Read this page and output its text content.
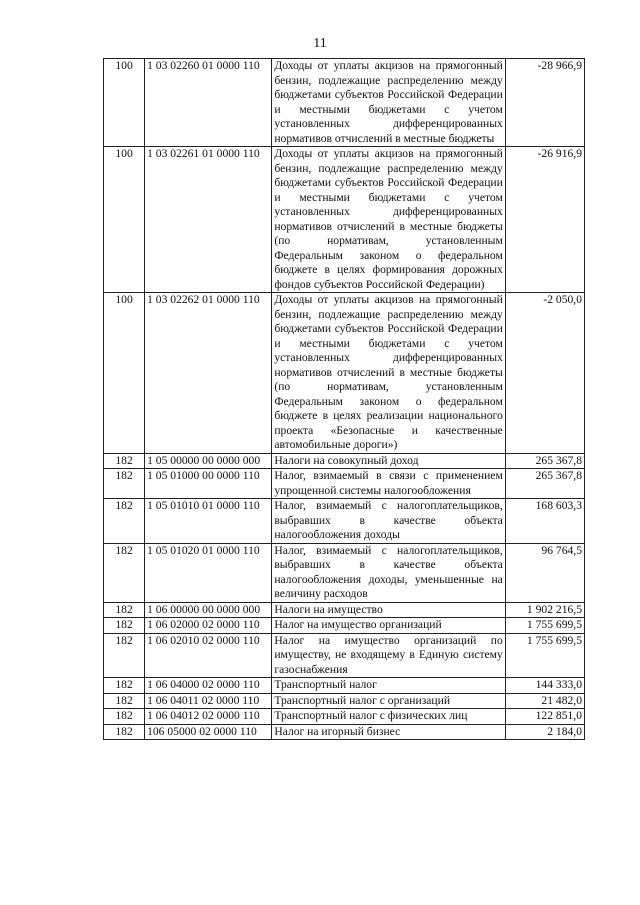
11
100	1 03 02260 01 0000 110	Доходы от уплаты акцизов на прямогонный бензин, подлежащие распределению между бюджетами субъектов Российской Федерации и местными бюджетами с учетом установленных дифференцированных нормативов отчислений в местные бюджеты	-28 966,9
100	1 03 02261 01 0000 110	Доходы от уплаты акцизов на прямогонный бензин, подлежащие распределению между бюджетами субъектов Российской Федерации и местными бюджетами с учетом установленных дифференцированных нормативов отчислений в местные бюджеты (по нормативам, установленным Федеральным законом о федеральном бюджете в целях формирования дорожных фондов субъектов Российской Федерации)	-26 916,9
100	1 03 02262 01 0000 110	Доходы от уплаты акцизов на прямогонный бензин, подлежащие распределению между бюджетами субъектов Российской Федерации и местными бюджетами с учетом установленных дифференцированных нормативов отчислений в местные бюджеты (по нормативам, установленным Федеральным законом о федеральном бюджете в целях реализации национального проекта «Безопасные и качественные автомобильные дороги»)	-2 050,0
182	1 05 00000 00 0000 000	Налоги на совокупный доход	265 367,8
182	1 05 01000 00 0000 110	Налог, взимаемый в связи с применением упрощенной системы налогообложения	265 367,8
182	1 05 01010 01 0000 110	Налог, взимаемый с налогоплательщиков, выбравших в качестве объекта налогообложения доходы	168 603,3
182	1 05 01020 01 0000 110	Налог, взимаемый с налогоплательщиков, выбравших в качестве объекта налогообложения доходы, уменьшенные на величину расходов	96 764,5
182	1 06 00000 00 0000 000	Налоги на имущество	1 902 216,5
182	1 06 02000 02 0000 110	Налог на имущество организаций	1 755 699,5
182	1 06 02010 02 0000 110	Налог на имущество организаций по имуществу, не входящему в Единую систему газоснабжения	1 755 699,5
182	1 06 04000 02 0000 110	Транспортный налог	144 333,0
182	1 06 04011 02 0000 110	Транспортный налог с организаций	21 482,0
182	1 06 04012 02 0000 110	Транспортный налог с физических лиц	122 851,0
182	106 05000 02 0000 110	Налог на игорный бизнес	2 184,0
